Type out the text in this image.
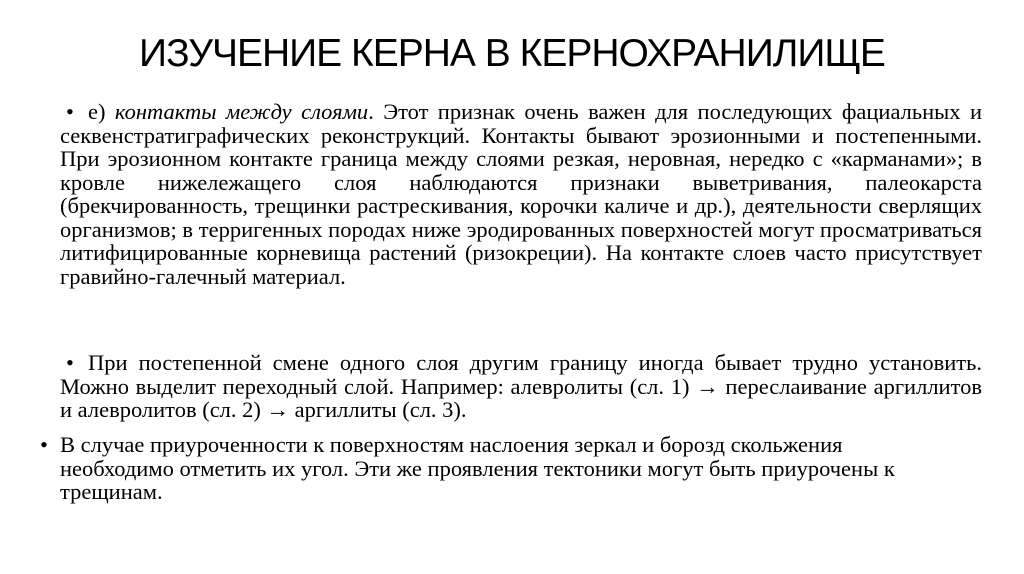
ИЗУЧЕНИЕ КЕРНА В КЕРНОХРАНИЛИЩЕ
• е) контакты между слоями. Этот признак очень важен для последующих фациальных и секвенстратиграфических реконструкций. Контакты бывают эрозионными и постепенными. При эрозионном контакте граница между слоями резкая, неровная, нередко с «карманами»; в кровле нижележащего слоя наблюдаются признаки выветривания, палеокарста (брекчированность, трещинки растрескивания, корочки каличе и др.), деятельности сверлящих организмов; в терригенных породах ниже эродированных поверхностей могут просматриваться литифицированные корневища растений (ризокреции). На контакте слоев часто присутствует гравийно-галечный материал.
• При постепенной смене одного слоя другим границу иногда бывает трудно установить. Можно выделит переходный слой. Например: алевролиты (сл. 1) → переслаивание аргиллитов и алевролитов (сл. 2) → аргиллиты (сл. 3).
• В случае приуроченности к поверхностям наслоения зеркал и борозд скольжения необходимо отметить их угол. Эти же проявления тектоники могут быть приурочены к трещинам.
